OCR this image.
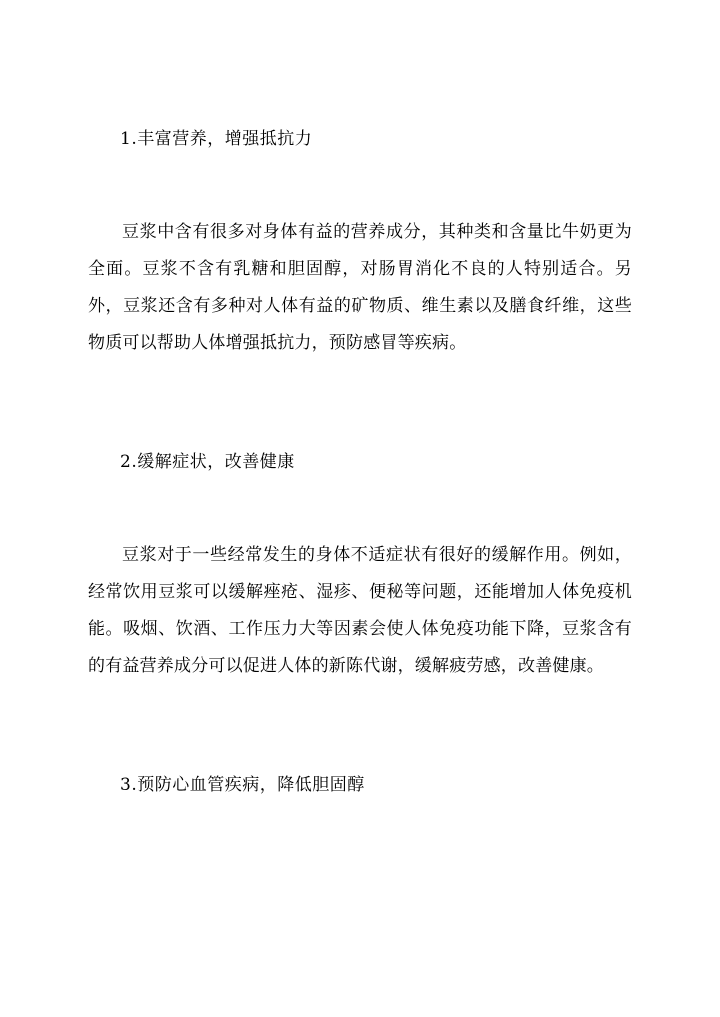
1.丰富营养，增强抵抗力

豆浆中含有很多对身体有益的营养成分，其种类和含量比牛奶更为全面。豆浆不含有乳糖和胆固醇，对肠胃消化不良的人特别适合。另外，豆浆还含有多种对人体有益的矿物质、维生素以及膳食纤维，这些物质可以帮助人体增强抵抗力，预防感冒等疾病。

2.缓解症状，改善健康

豆浆对于一些经常发生的身体不适症状有很好的缓解作用。例如，经常饮用豆浆可以缓解痤疮、湿疹、便秘等问题，还能增加人体免疫机能。吸烟、饮酒、工作压力大等因素会使人体免疫功能下降，豆浆含有的有益营养成分可以促进人体的新陈代谢，缓解疲劳感，改善健康。

3.预防心血管疾病，降低胆固醇
